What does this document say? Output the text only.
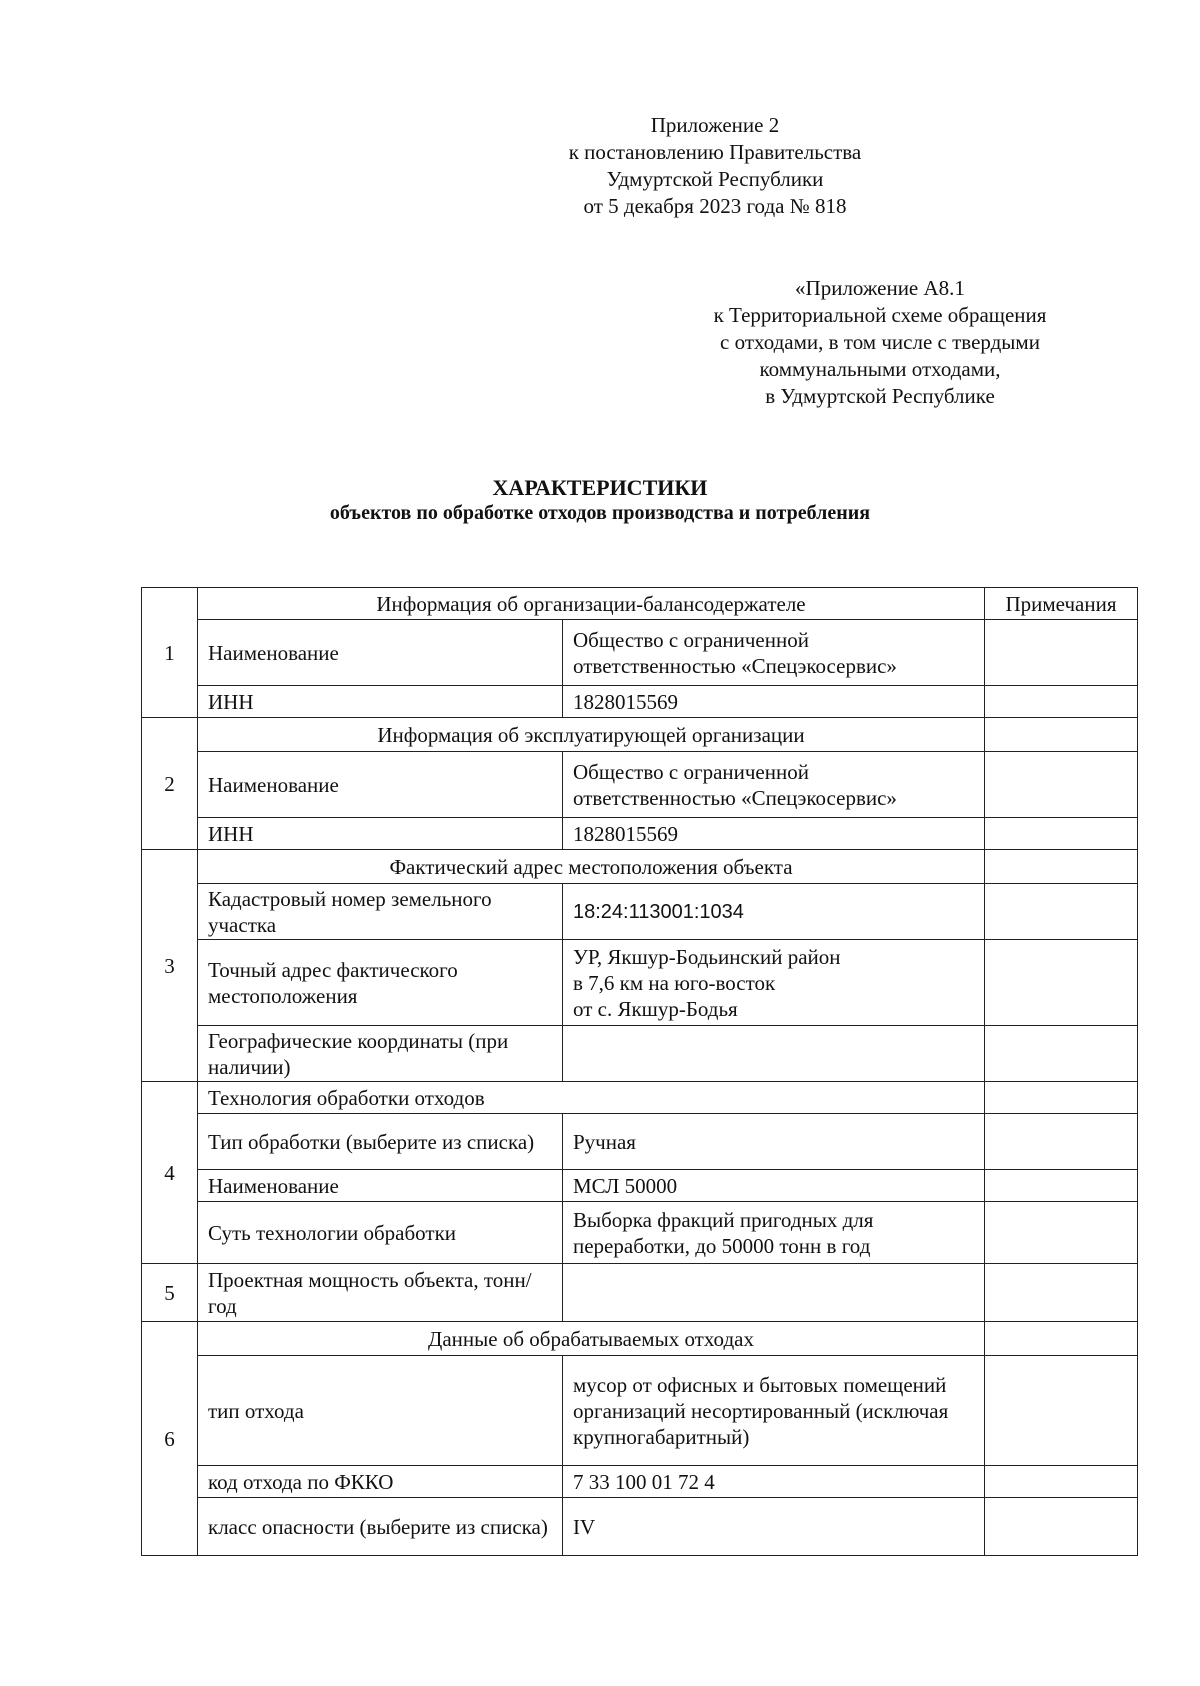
Приложение 2
к постановлению Правительства
Удмуртской Республики
от 5 декабря 2023 года № 818
«Приложение А8.1
к Территориальной схеме обращения
с отходами, в том числе с твердыми
коммунальными отходами,
в Удмуртской Республике
ХАРАКТЕРИСТИКИ
объектов по обработке отходов производства и потребления
1	Информация об организации-балансодержателе		Примечания
	Наименование	Общество с ограниченной ответственностью «Спецэкосервис»	
	ИНН	1828015569	
2	Информация об эксплуатирующей организации		
	Наименование	Общество с ограниченной ответственностью «Спецэкосервис»	
	ИНН	1828015569	
3	Фактический адрес местоположения объекта		
	Кадастровый номер земельного участка	18:24:113001:1034	
	Точный адрес фактического местоположения	УР, Якшур-Бодьинский район
в 7,6 км на юго-восток
от с. Якшур-Бодья	

	Географические координаты (при наличии)		
4	Технология обработки отходов		
	Тип обработки (выберите из списка)	Ручная	
	Наименование	МСЛ 50000	
	Суть технологии обработки	Выборка фракций пригодных для переработки, до 50000 тонн в год	
5	Проектная мощность объекта, тонн/год		
6	Данные об обрабатываемых отходах		
	тип отхода	мусор от офисных и бытовых помещений организаций несортированный (исключая крупногабаритный)	
	код отхода по ФККО	7 33 100 01 72 4	
	класс опасности (выберите из списка)	IV	
